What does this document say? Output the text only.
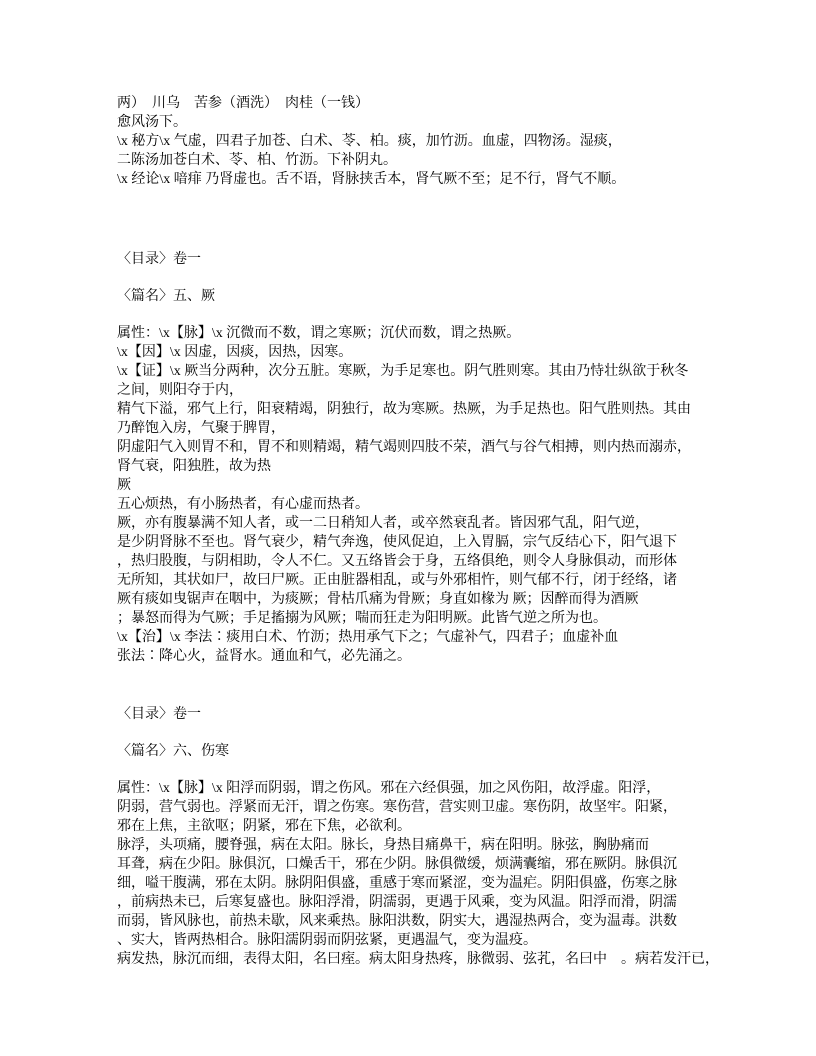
两）　川乌　苦参（酒洗）　肉桂（一钱）
愈风汤下。
\x 秘方\x 气虚，四君子加苍、白术、苓、柏。痰，加竹沥。血虚，四物汤。湿痰，
二陈汤加苍白术、苓、柏、竹沥。下补阴丸。
\x 经论\x 喑痱 乃肾虚也。舌不语，肾脉挟舌本，肾气厥不至；足不行，肾气不顺。
〈目录〉卷一
〈篇名〉五、厥
属性：\x【脉】\x 沉微而不数，谓之寒厥；沉伏而数，谓之热厥。
\x【因】\x 因虚，因痰，因热，因寒。
\x【证】\x 厥当分两种，次分五脏。寒厥，为手足寒也。阴气胜则寒。其由乃恃壮纵欲于秋冬
之间，则阳夺于内，
精气下溢，邪气上行，阳衰精竭，阴独行，故为寒厥。热厥，为手足热也。阳气胜则热。其由
乃醉饱入房，气聚于脾胃，
阴虚阳气入则胃不和，胃不和则精竭，精气竭则四肢不荣，酒气与谷气相搏，则内热而溺赤，
肾气衰，阳独胜，故为热
厥
五心烦热，有小肠热者，有心虚而热者。
厥，亦有腹暴满不知人者，或一二日稍知人者，或卒然衰乱者。皆因邪气乱，阳气逆，
是少阴肾脉不至也。肾气衰少，精气奔逸，使风促迫，上入胃膈，宗气反结心下，阳气退下
，热归股腹，与阴相助，令人不仁。又五络皆会于身，五络俱绝，则令人身脉俱动，而形体
无所知，其状如尸，故曰尸厥。正由脏器相乱，或与外邪相忤，则气郁不行，闭于经络，诸
厥有痰如曳锯声在咽中，为痰厥；骨枯爪痛为骨厥；身直如椽为 厥；因醉而得为酒厥
；暴怒而得为气厥；手足搐搦为风厥；喘而狂走为阳明厥。此皆气逆之所为也。
\x【治】\x 李法∶痰用白术、竹沥；热用承气下之；气虚补气，四君子；血虚补血
张法∶降心火，益肾水。通血和气，必先涌之。
〈目录〉卷一
〈篇名〉六、伤寒
属性：\x【脉】\x 阳浮而阴弱，谓之伤风。邪在六经俱强，加之风伤阳，故浮虚。阳浮，
阴弱，营气弱也。浮紧而无汗，谓之伤寒。寒伤营，营实则卫虚。寒伤阴，故坚牢。阳紧，
邪在上焦，主欲呕；阴紧，邪在下焦，必欲利。
脉浮，头项痛，腰脊强，病在太阳。脉长，身热目痛鼻干，病在阳明。脉弦，胸胁痛而
耳聋，病在少阳。脉俱沉，口燥舌干，邪在少阴。脉俱微缓，烦满囊缩，邪在厥阴。脉俱沉
细，嗌干腹满，邪在太阴。脉阴阳俱盛，重感于寒而紧涩，变为温疟。阴阳俱盛，伤寒之脉
，前病热未已，后寒复盛也。脉阳浮滑，阴濡弱，更遇于风乘，变为风温。阳浮而滑，阴濡
而弱，皆风脉也，前热未歇，风来乘热。脉阳洪数，阴实大，遇湿热两合，变为温毒。洪数
、实大，皆两热相合。脉阳濡阴弱而阴弦紧，更遇温气，变为温疫。
病发热，脉沉而细，表得太阳，名曰痓。病太阳身热疼，脉微弱、弦芤，名曰中　。病若发汗已，
